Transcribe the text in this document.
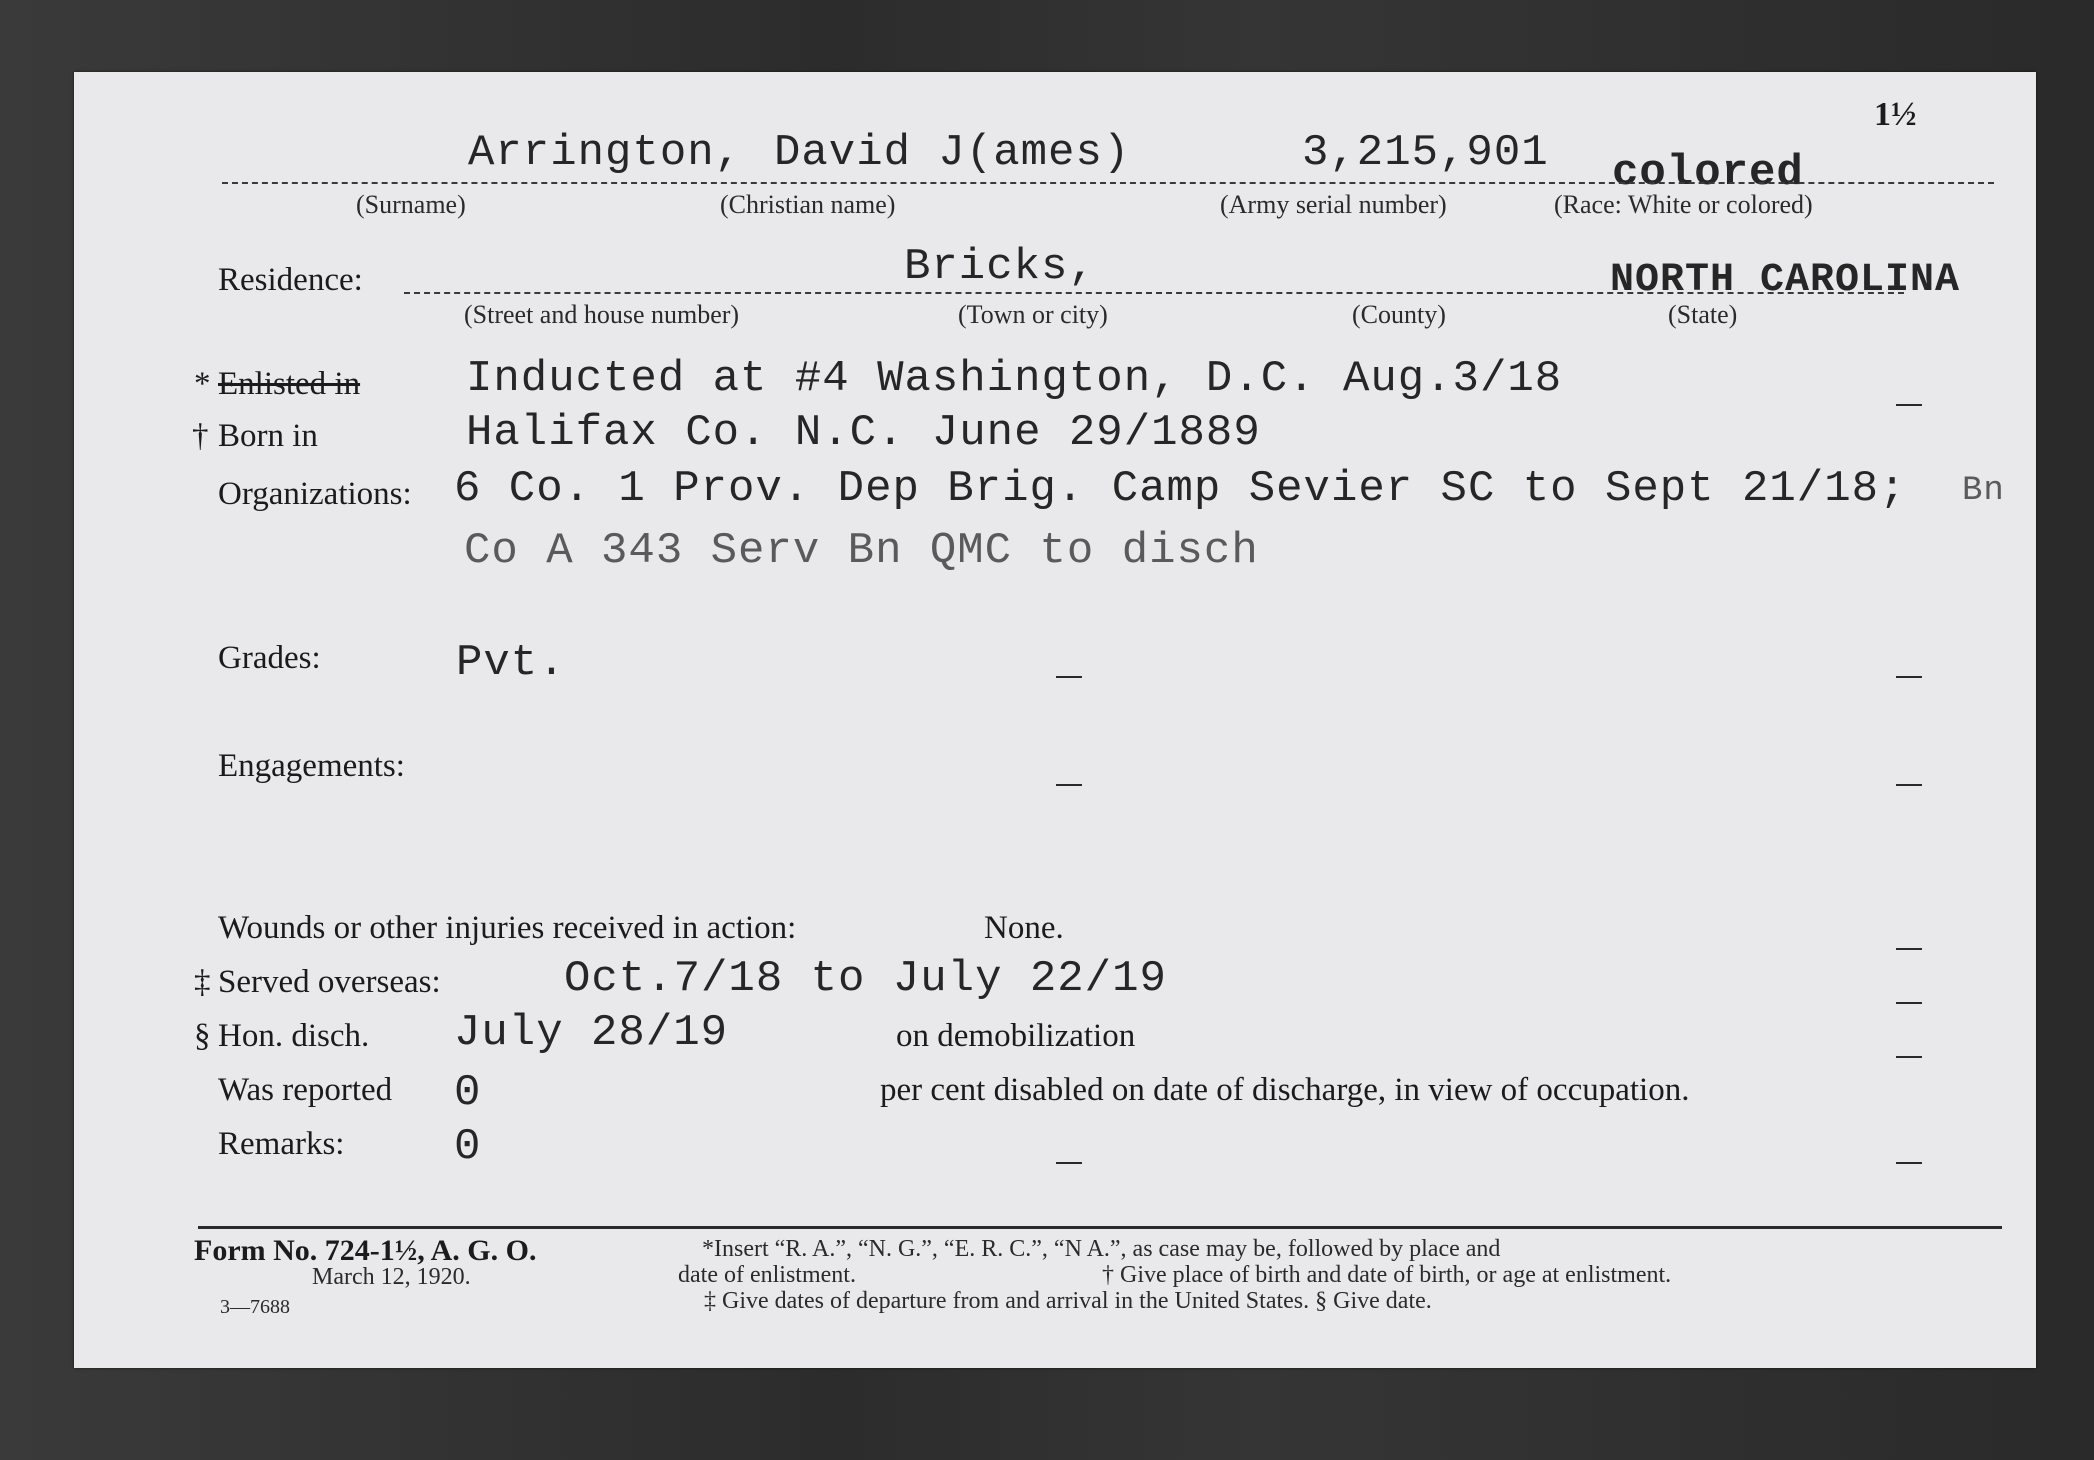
1½
Arrington, David J(ames)	3,215,901 colored
(Surname)	(Christian name)	(Army serial number)	(Race: White or colored)
Residence:	Bricks,	NORTH CAROLINA
(Street and house number)	(Town or city)	(County)	(State)
* Enlisted in Inducted at #4 Washington, D.C. Aug.3/18
† Born in	Halifax Co. N.C. June 29/1889
Organizations: 6 Co. 1 Prov. Dep Brig. Camp Sevier SC to Sept 21/18; Bn
Co A 343 Serv Bn QMC to disch
Grades:	Pvt.
Engagements:
Wounds or other injuries received in action:	None.
‡ Served overseas:	Oct.7/18 to July 22/19
§ Hon. disch. July 28/19	on demobilization
Was reported 0	per cent disabled on date of discharge, in view of occupation.
Remarks: 0
Form No. 724-1½, A. G. O.
March 12, 1920.
3—7688
*Insert “R. A.”, “N. G.”, “E. R. C.”, “N A.”, as case may be, followed by place and
date of enlistment.	† Give place of birth and date of birth, or age at enlistment.
‡ Give dates of departure from and arrival in the United States. § Give date.
